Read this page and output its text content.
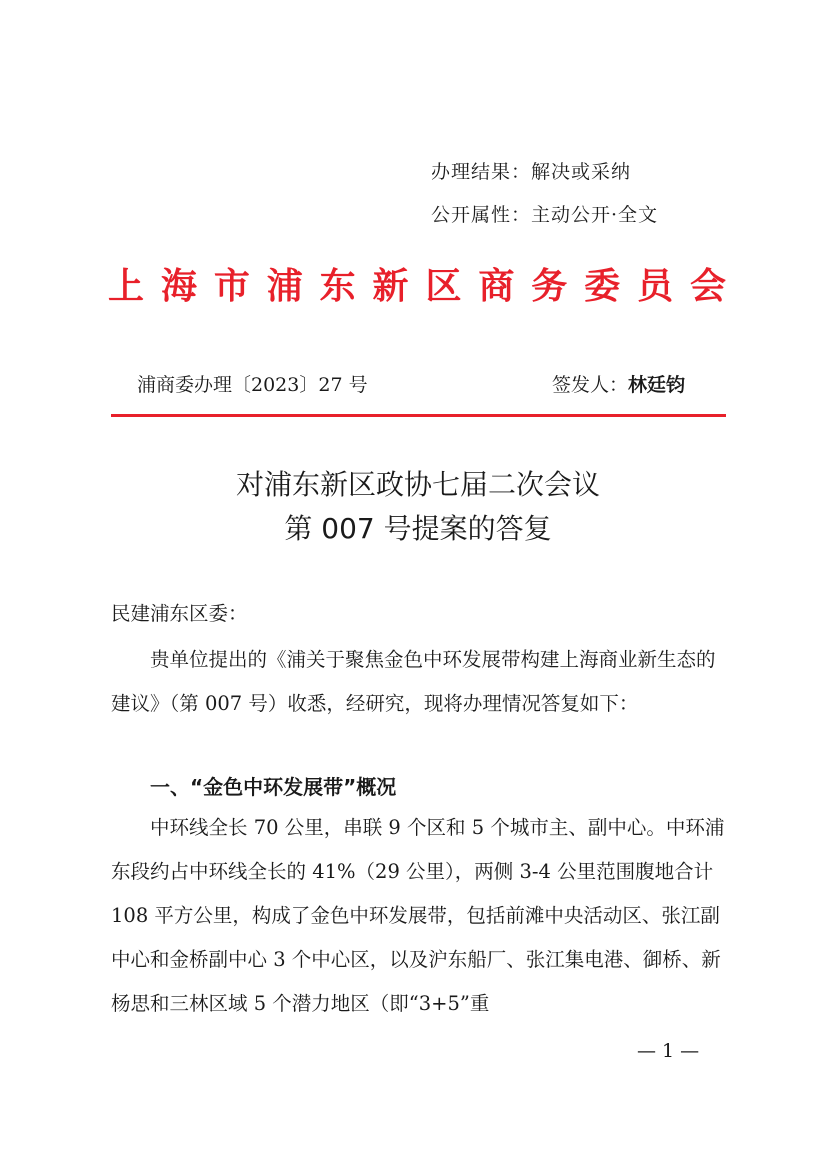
办理结果：解决或采纳
公开属性：主动公开·全文
上 海 市 浦 东 新 区 商 务 委 员 会
浦商委办理〔2023〕27 号	签发人：林廷钧
对浦东新区政协七届二次会议
第 007 号提案的答复
民建浦东区委：
贵单位提出的《浦关于聚焦金色中环发展带构建上海商业新生态的建议》（第 007 号）收悉，经研究，现将办理情况答复如下：
一、“金色中环发展带”概况
中环线全长 70 公里，串联 9 个区和 5 个城市主、副中心。中环浦东段约占中环线全长的 41%（29 公里），两侧 3-4 公里范围腹地合计 108 平方公里，构成了金色中环发展带，包括前滩中央活动区、张江副中心和金桥副中心 3 个中心区，以及沪东船厂、张江集电港、御桥、新杨思和三林区域 5 个潜力地区（即“3+5”重
— 1 —
